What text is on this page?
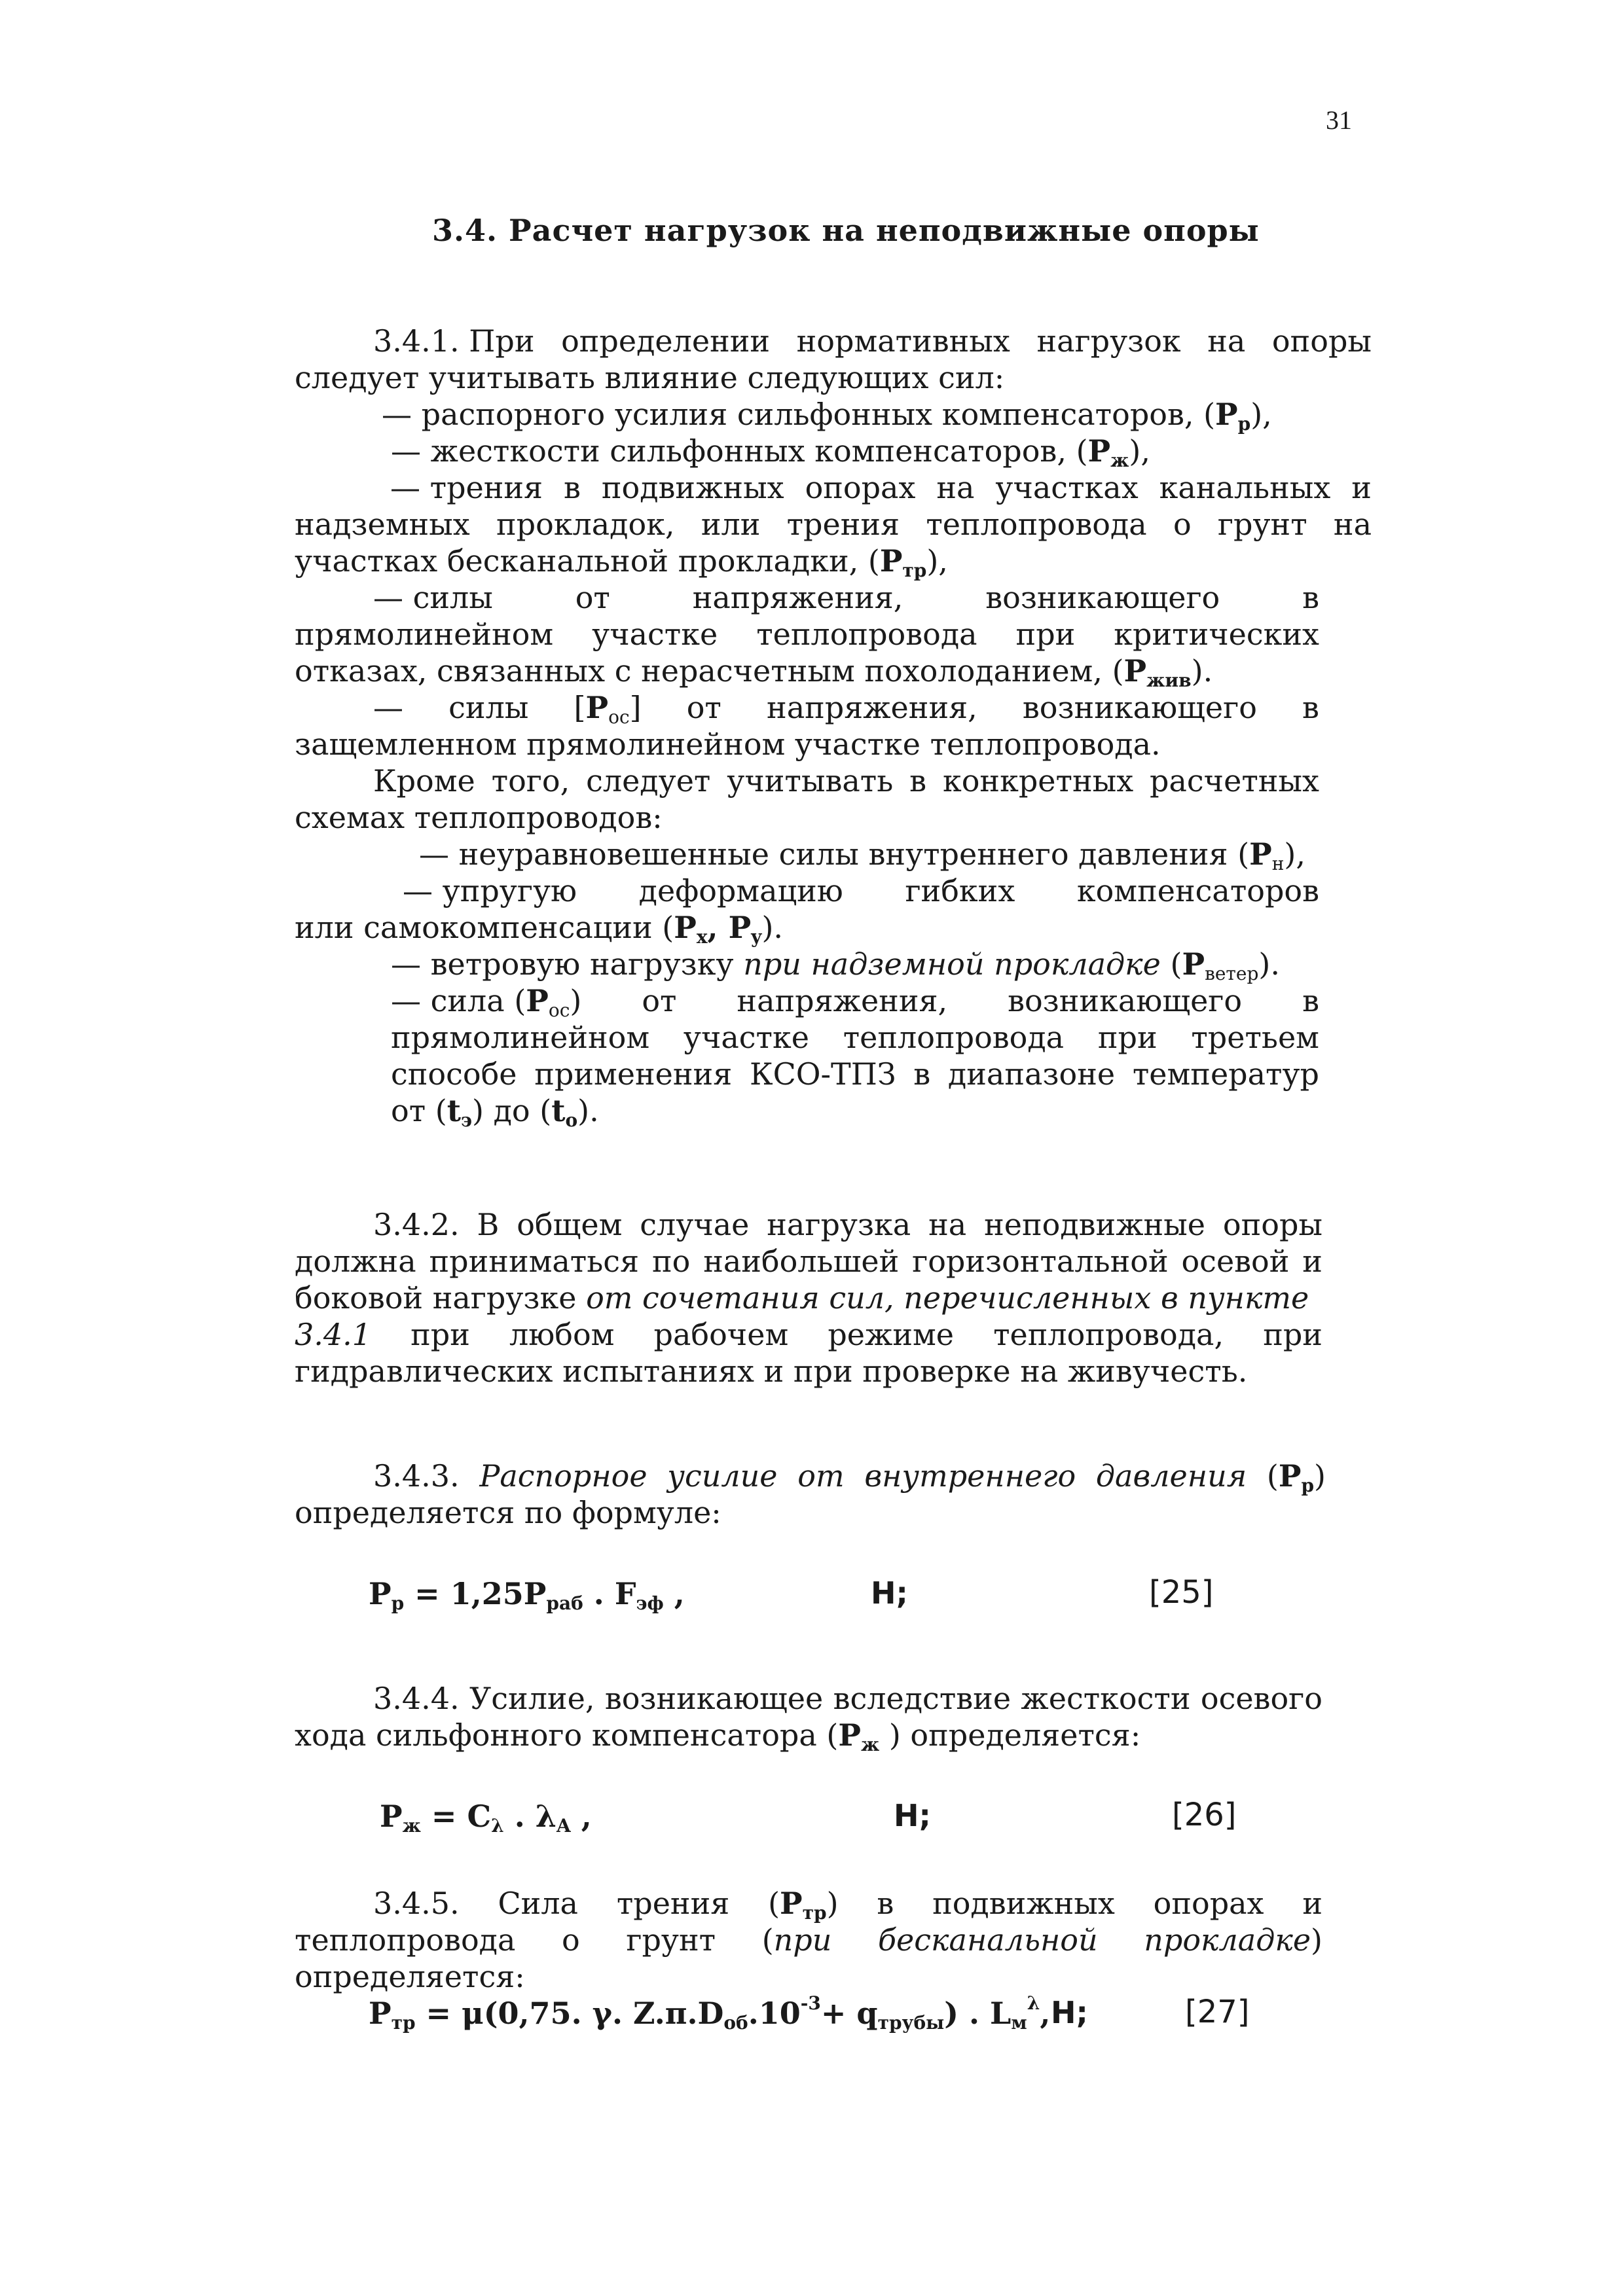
31
3.4. Расчет нагрузок на неподвижные опоры
3.4.1. При определении нормативных нагрузок на опоры
следует учитывать влияние следующих сил:
— распорного усилия сильфонных компенсаторов, $(P_р)$,
— жесткости сильфонных компенсаторов, $(P_ж)$,
— трения в подвижных опорах на участках канальных и
надземных прокладок, или трения теплопровода о грунт на
участках бесканальной прокладки, $(P_{тр})$,
— силы	от	напряжения,	возникающего	в
прямолинейном участке теплопровода при критических
отказах, связанных с нерасчетным похолоданием, $(P_{жив})$.
— силы $[P_{ос}]$ от напряжения, возникающего в
защемленном прямолинейном участке теплопровода.
Кроме того, следует учитывать в конкретных расчетных
схемах теплопроводов:
— неуравновешенные силы внутреннего давления $(P_н)$,
— упругую деформацию гибких компенсаторов
или самокомпенсации ($P_x$, $P_y$).
— ветровую нагрузку при надземной прокладке $(P_{ветер})$.
— сила $(P_{ос})$ от напряжения, возникающего в
прямолинейном участке теплопровода при третьем
способе применения КСО-ТПЗ в диапазоне температур
от $(t_э)$ до $(t_о)$.
3.4.2. В общем случае нагрузка на неподвижные опоры
должна приниматься по наибольшей горизонтальной осевой и
боковой нагрузке от сочетания сил, перечисленных в пункте
3.4.1 при любом рабочем режиме теплопровода, при
гидравлических испытаниях и при проверке на живучесть.
3.4.3. Распорное усилие от внутреннего давления $(P_р)$
определяется по формуле:
$P_р = 1,25P_{раб}$ . $F_{эф}$ ,	H;	[25]
3.4.4. Усилие, возникающее вследствие жесткости осевого
хода сильфонного компенсатора ($P_ж$ ) определяется:
$P_ж = C_\lambda$ . $\lambda_A$ ,	H;	[26]
3.4.5. Сила трения $(P_{тр})$ в подвижных опорах и
теплопровода о грунт (при бесканальной прокладке)
определяется:
$P_{тр} = \mu(0,75$. γ. $Z.\pi.D_{об}.10^{-3}+ q_{трубы}$) . $L_м^\lambda$, H;	[27]
